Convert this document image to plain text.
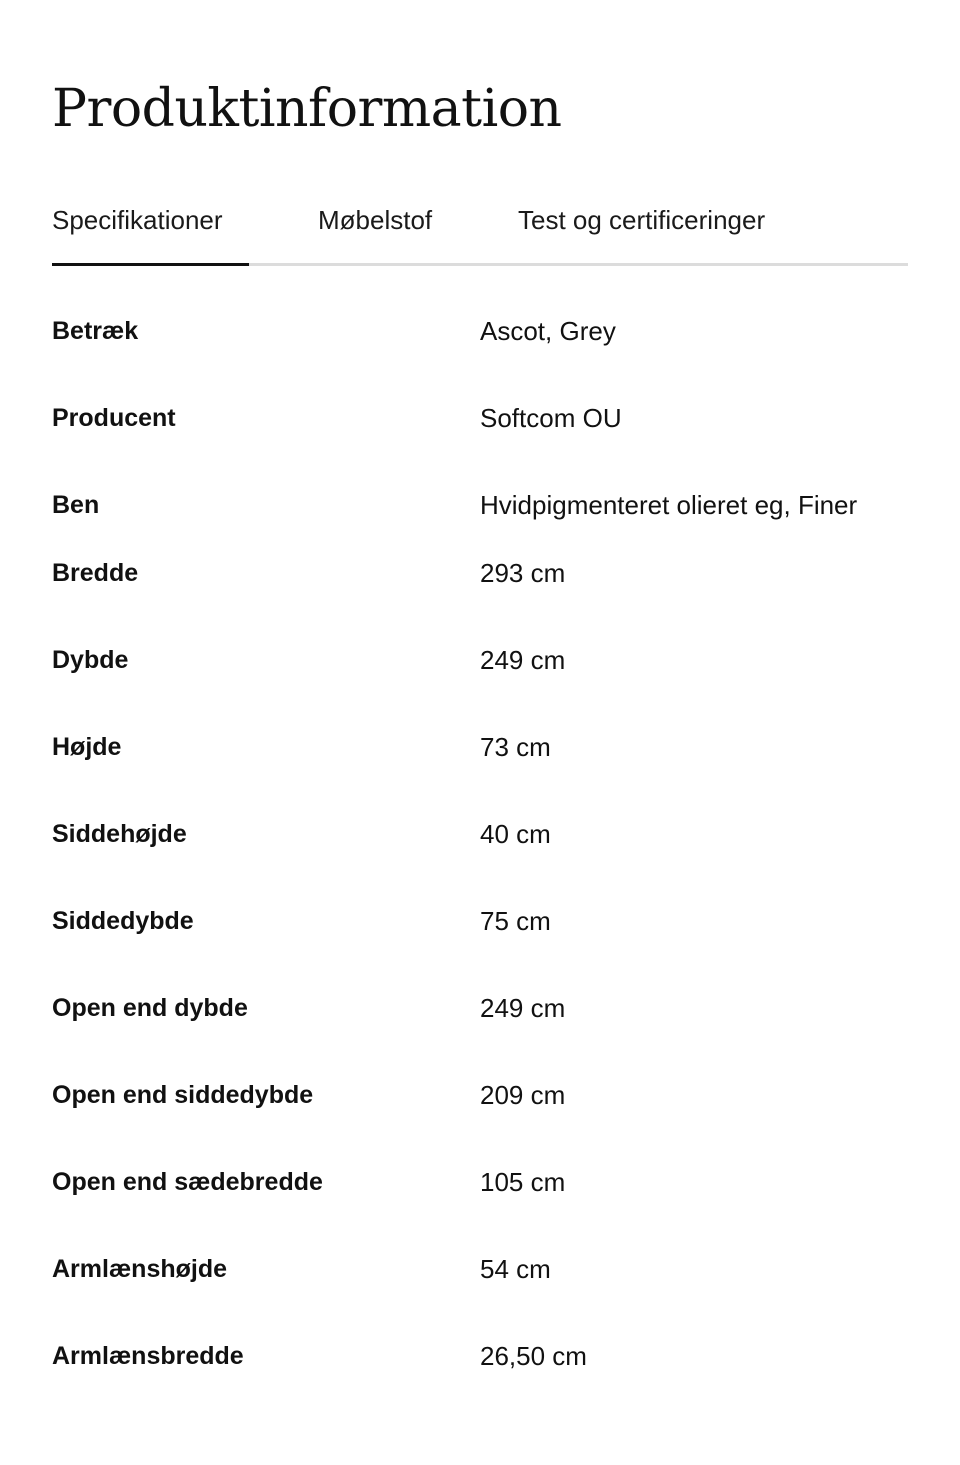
Produktinformation
Specifikationer	Møbelstof	Test og certificeringer
Betræk	Ascot, Grey
Producent	Softcom OU
Ben	Hvidpigmenteret olieret eg, Finer
Bredde	293 cm
Dybde	249 cm
Højde	73 cm
Siddehøjde	40 cm
Siddedybde	75 cm
Open end dybde	249 cm
Open end siddedybde	209 cm
Open end sædebredde	105 cm
Armlænshøjde	54 cm
Armlænsbredde	26,50 cm
